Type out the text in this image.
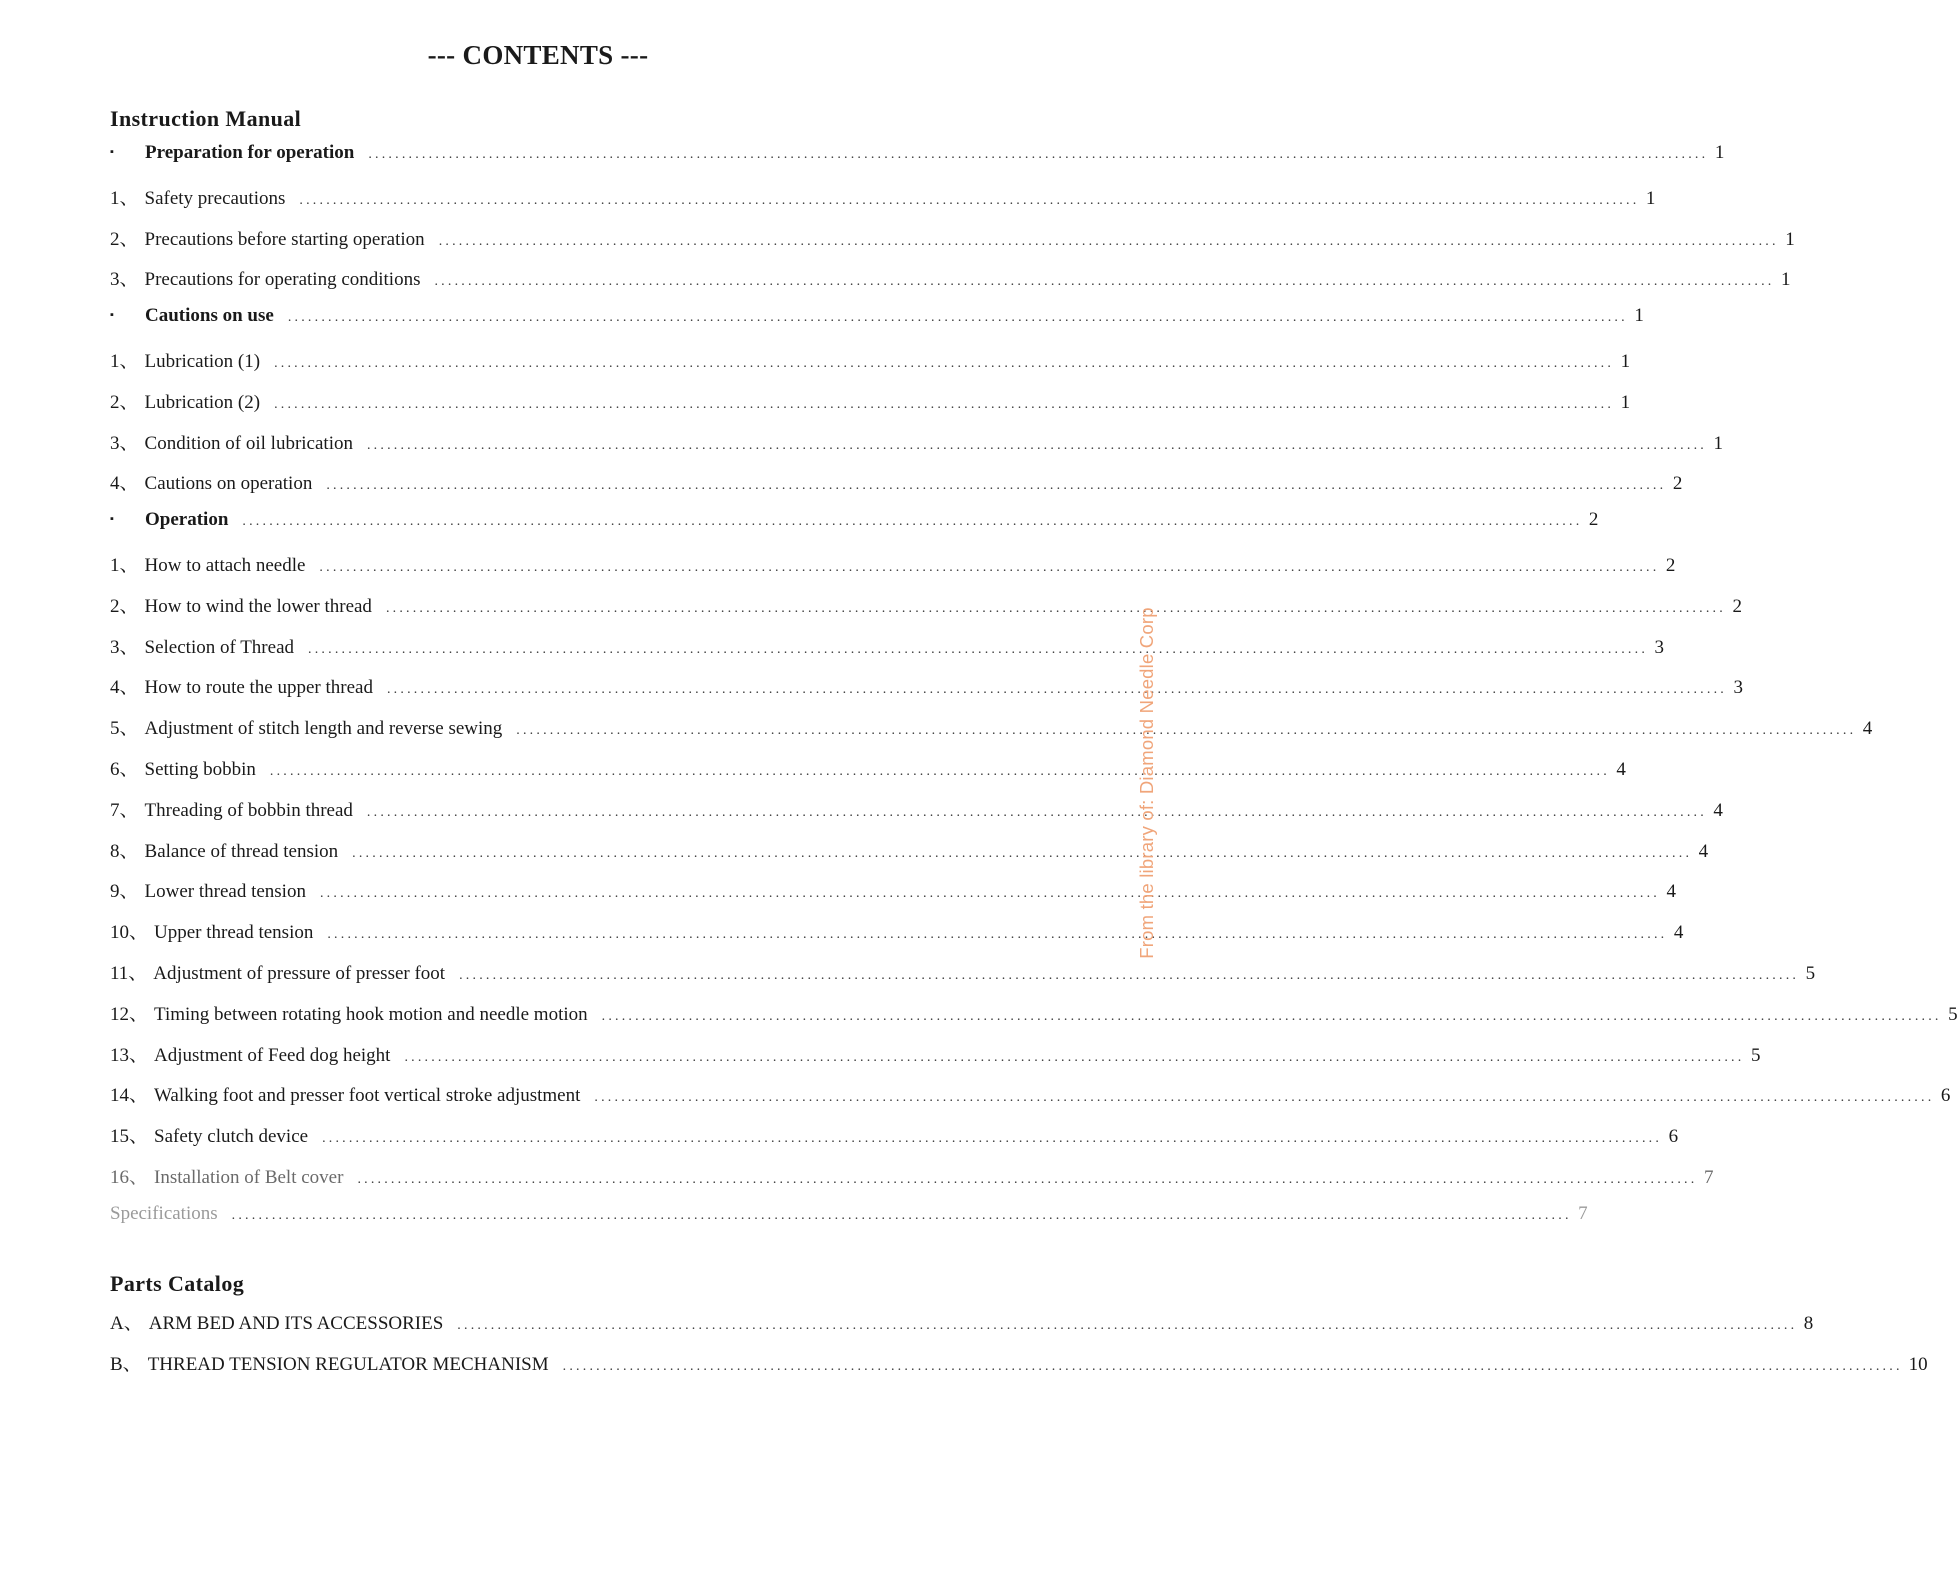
--- CONTENTS ---
Instruction Manual
▪	Preparation for operation ........................................................................................................................................................................................................ 1
1、 Safety precautions ........................................................................................................................................................................................................ 1
2、 Precautions before starting operation ........................................................................................................................................................................................................ 1
3、 Precautions for operating conditions ........................................................................................................................................................................................................ 1
▪	Cautions on use ........................................................................................................................................................................................................ 1
1、 Lubrication (1) ........................................................................................................................................................................................................ 1
2、 Lubrication (2) ........................................................................................................................................................................................................ 1
3、 Condition of oil lubrication ........................................................................................................................................................................................................ 1
4、 Cautions on operation ........................................................................................................................................................................................................ 2
▪	Operation ........................................................................................................................................................................................................ 2
1、 How to attach needle ........................................................................................................................................................................................................ 2
2、 How to wind the lower thread ........................................................................................................................................................................................................ 2
3、 Selection of Thread ........................................................................................................................................................................................................ 3
4、 How to route the upper thread ........................................................................................................................................................................................................ 3
5、 Adjustment of stitch length and reverse sewing ........................................................................................................................................................................................................ 4
6、 Setting bobbin ........................................................................................................................................................................................................ 4
7、 Threading of bobbin thread ........................................................................................................................................................................................................ 4
8、 Balance of thread tension ........................................................................................................................................................................................................ 4
9、 Lower thread tension ........................................................................................................................................................................................................ 4
10、 Upper thread tension ........................................................................................................................................................................................................ 4
11、 Adjustment of pressure of presser foot ........................................................................................................................................................................................................ 5
12、 Timing between rotating hook motion and needle motion ........................................................................................................................................................................................................ 5
13、 Adjustment of Feed dog height ........................................................................................................................................................................................................ 5
14、 Walking foot and presser foot vertical stroke adjustment ........................................................................................................................................................................................................ 6
15、 Safety clutch device ........................................................................................................................................................................................................ 6
16、 Installation of Belt cover ........................................................................................................................................................................................................ 7
Specifications ........................................................................................................................................................................................................ 7
Parts Catalog
A、 ARM BED AND ITS ACCESSORIES ........................................................................................................................................................................................................ 8
B、 THREAD TENSION REGULATOR MECHANISM ........................................................................................................................................................................................................ 10
From the library of: Diamond Needle Corp
